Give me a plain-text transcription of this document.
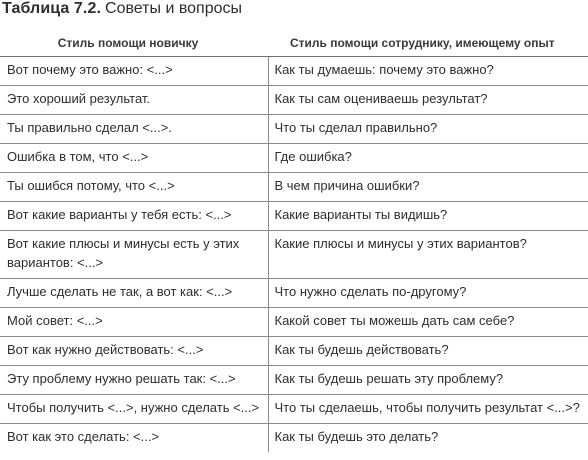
Таблица 7.2. Советы и вопросы
Стиль помощи новичку	Стиль помощи сотруднику, имеющему опыт
Вот почему это важно: <...>	Как ты думаешь: почему это важно?
Это хороший результат.	Как ты сам оцениваешь результат?
Ты правильно сделал <...>.	Что ты сделал правильно?
Ошибка в том, что <...>	Где ошибка?
Ты ошибся потому, что <...>	В чем причина ошибки?
Вот какие варианты у тебя есть: <...>	Какие варианты ты видишь?
Вот какие плюсы и минусы есть у этих вариантов: <...>	Какие плюсы и минусы у этих вариантов?
Лучше сделать не так, а вот как: <...>	Что нужно сделать по-другому?
Мой совет: <...>	Какой совет ты можешь дать сам себе?
Вот как нужно действовать: <...>	Как ты будешь действовать?
Эту проблему нужно решать так: <...>	Как ты будешь решать эту проблему?
Чтобы получить <...>, нужно сделать <...>	Что ты сделаешь, чтобы получить результат <...>?
Вот как это сделать: <...>	Как ты будешь это делать?
